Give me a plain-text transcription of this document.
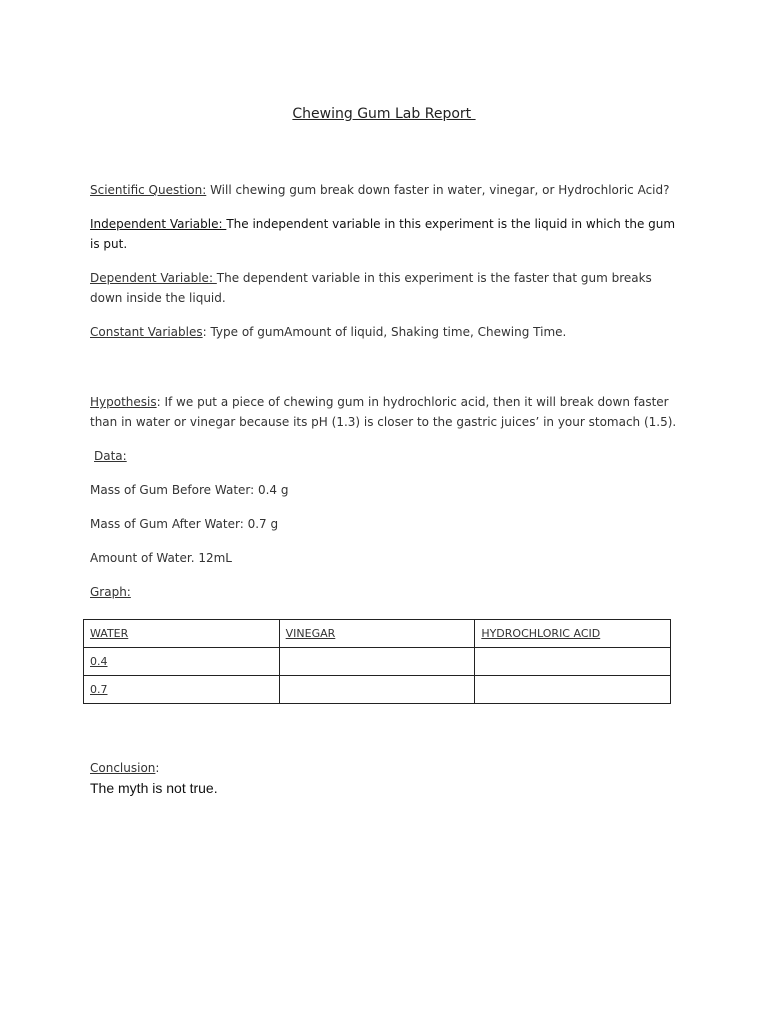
Chewing Gum Lab Report
Scientific Question: Will chewing gum break down faster in water, vinegar, or Hydrochloric Acid?
Independent Variable: The independent variable in this experiment is the liquid in which the gum is put.
Dependent Variable: The dependent variable in this experiment is the faster that gum breaks down inside the liquid.
Constant Variables: Type of gumAmount of liquid, Shaking time, Chewing Time.
Hypothesis: If we put a piece of chewing gum in hydrochloric acid, then it will break down faster than in water or vinegar because its pH (1.3) is closer to the gastric juices’ in your stomach (1.5).
Data:
Mass of Gum Before Water: 0.4 g
Mass of Gum After Water: 0.7 g
Amount of Water. 12mL
Graph:
WATER	VINEGAR	HYDROCHLORIC ACID
0.4		
0.7		
Conclusion:
The myth is not true.
